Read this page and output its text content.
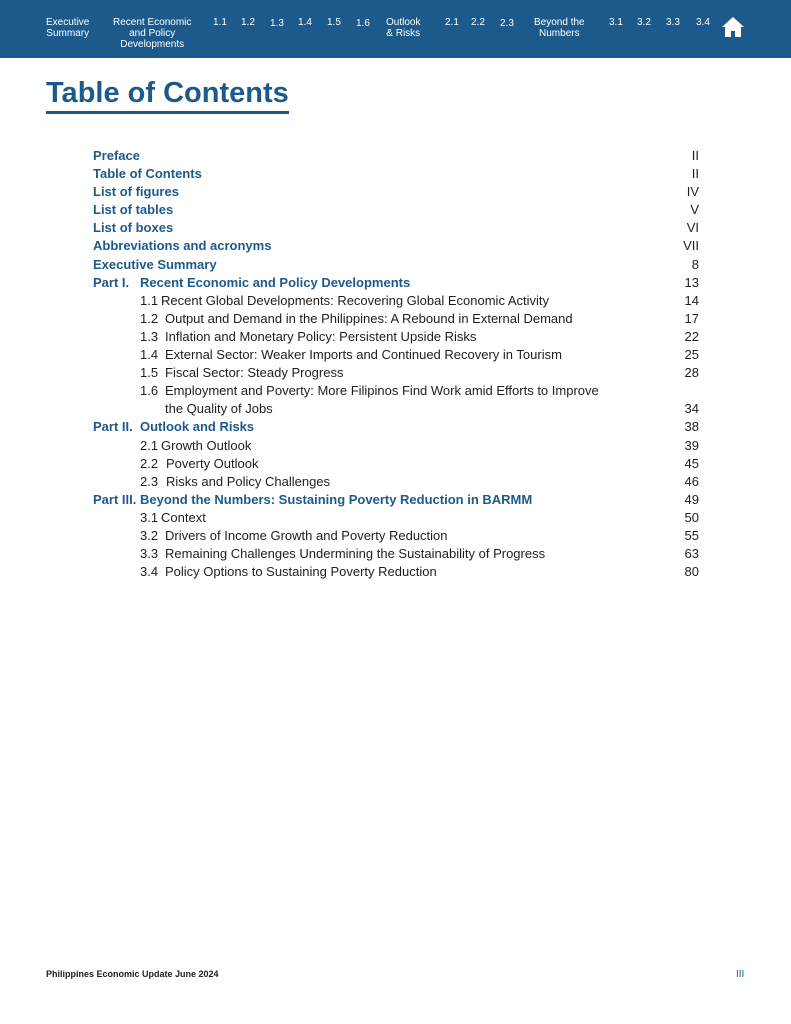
Executive
Summary
Recent Economic
and Policy
Developments
1.1 1.2 1.3 1.4 1.5 1.6 Outlook
& Risks
2.1 2.2 2.3 Beyond the
Numbers
3.1 3.2 3.3 3.4
Table of Contents
Preface	II
Table of Contents	II
List of figures	IV
List of tables	V
List of boxes	VI
Abbreviations and acronyms	VII
Executive Summary	8
Part I. Recent Economic and Policy Developments	13
1.1 Recent Global Developments: Recovering Global Economic Activity	14
1.2 Output and Demand in the Philippines: A Rebound in External Demand	17
1.3 Inflation and Monetary Policy: Persistent Upside Risks	22
1.4 External Sector: Weaker Imports and Continued Recovery in Tourism	25
1.5 Fiscal Sector: Steady Progress	28
1.6 Employment and Poverty: More Filipinos Find Work amid Efforts to Improve
the Quality of Jobs	34
Part II. Outlook and Risks	38
2.1 Growth Outlook	39
2.2 Poverty Outlook	45
2.3 Risks and Policy Challenges	46
Part III. Beyond the Numbers: Sustaining Poverty Reduction in BARMM	49
3.1 Context	50
3.2 Drivers of Income Growth and Poverty Reduction	55
3.3 Remaining Challenges Undermining the Sustainability of Progress	63
3.4 Policy Options to Sustaining Poverty Reduction	80
Philippines Economic Update June 2024	III
